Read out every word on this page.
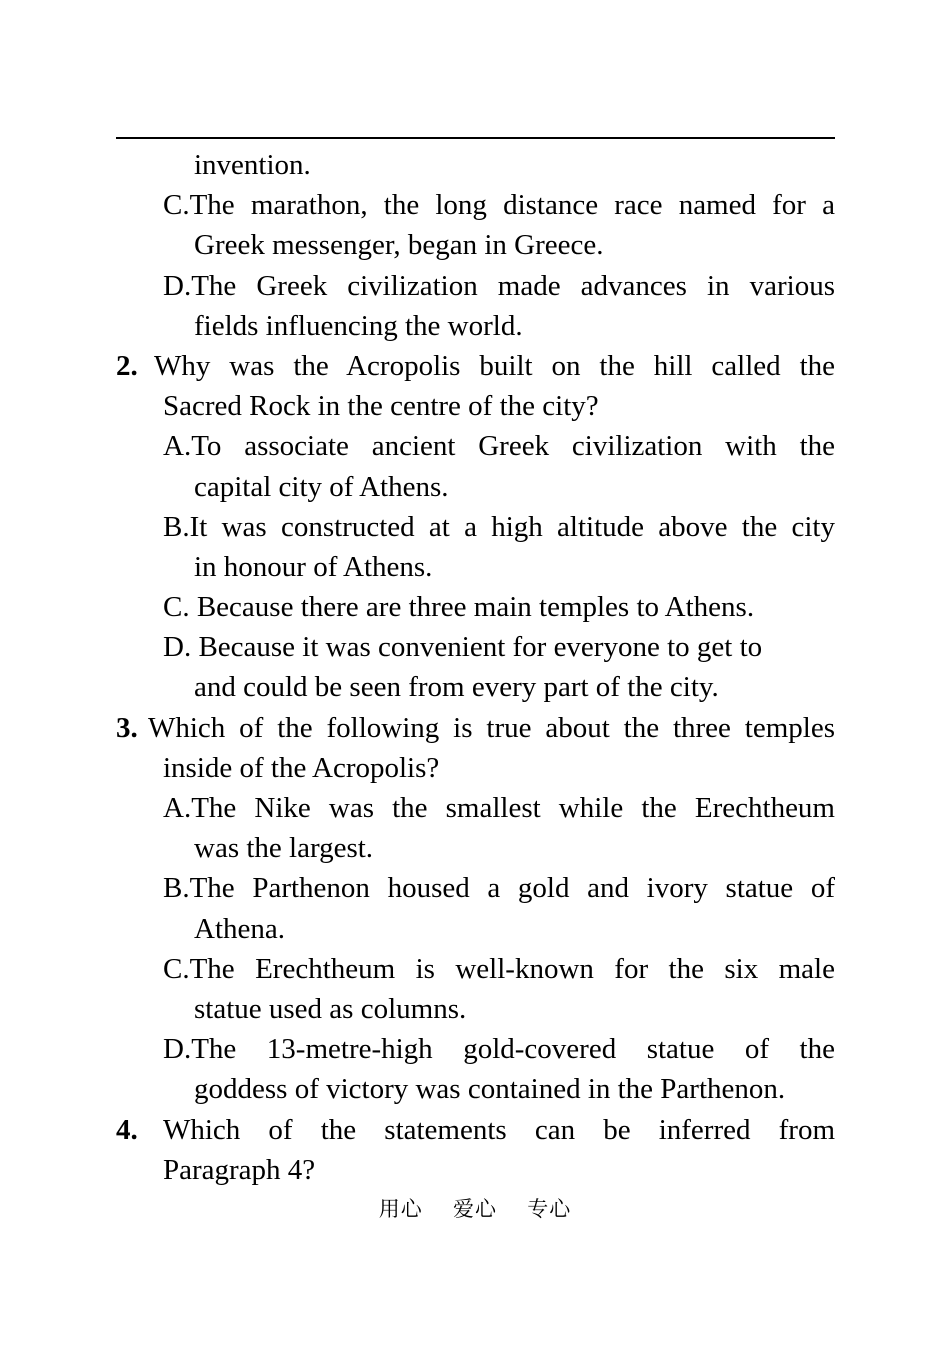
invention.
C.The marathon, the long distance race named for a
Greek messenger, began in Greece.
D.The Greek civilization made advances in various
fields influencing the world.
2. Why was the Acropolis built on the hill called the
Sacred Rock in the centre of the city?
A.To associate ancient Greek civilization with the
capital city of Athens.
B.It was constructed at a high altitude above the city
in honour of Athens.
C. Because there are three main temples to Athens.
D. Because it was convenient for everyone to get to
and could be seen from every part of the city.
3. Which of the following is true about the three temples
inside of the Acropolis?
A.The Nike was the smallest while the Erechtheum
was the largest.
B.The Parthenon housed a gold and ivory statue of
Athena.
C.The Erechtheum is well-known for the six male
statue used as columns.
D.The 13-metre-high gold-covered statue of the
goddess of victory was contained in the Parthenon.
4. Which of the statements can be inferred from
Paragraph 4?
用心 爱心 专心
